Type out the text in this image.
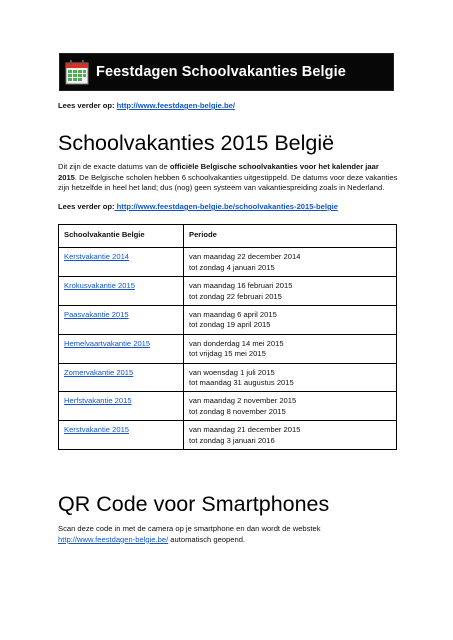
Feestdagen Schoolvakanties Belgie
Lees verder op: http://www.feestdagen-belgie.be/
Schoolvakanties 2015 België
Dit zijn de exacte datums van de officiële Belgische schoolvakanties voor het kalender jaar 2015. De Belgische scholen hebben 6 schoolvakanties uitgestippeld. De datums voor deze vakanties zijn hetzelfde in heel het land; dus (nog) geen systeem van vakantiespreiding zoals in Nederland.
Lees verder op: http://www.feestdagen-belgie.be/schoolvakanties-2015-belgie
Schoolvakantie Belgie	Periode
Kerstvakantie 2014	van maandag 22 december 2014
tot zondag 4 januari 2015

Krokusvakantie 2015	van maandag 16 februari 2015
tot zondag 22 februari 2015

Paasvakantie 2015	van maandag 6 april 2015
tot zondag 19 april 2015

Hemelvaartvakantie 2015	van donderdag 14 mei 2015
tot vrijdag 15 mei 2015

Zomervakantie 2015	van woensdag 1 juli 2015
tot maandag 31 augustus 2015

Herfstvakantie 2015	van maandag 2 november 2015
tot zondag 8 november 2015

Kerstvakantie 2015	van maandag 21 december 2015
tot zondag 3 januari 2016
QR Code voor Smartphones
Scan deze code in met de camera op je smartphone en dan wordt de webstek
http://www.feestdagen-belgie.be/ automatisch geopend.
